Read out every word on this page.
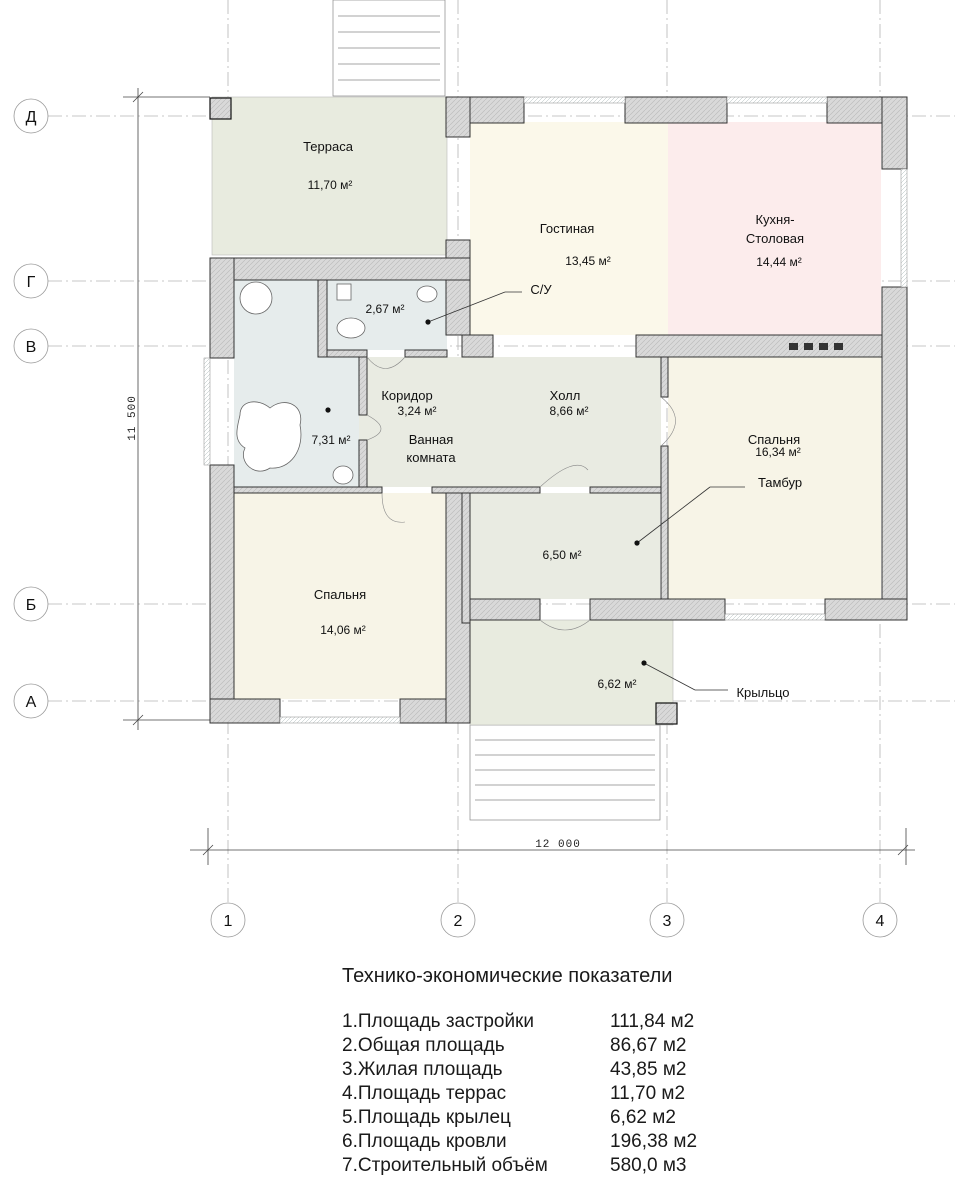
11 500
12 000
Д
Г
В
Б
А
1	2	3	4
Терраса
11,70 м²
Гостиная
13,45 м²
Кухня-
Столовая
14,44 м²
2,67 м²
С/У
7,31 м²	Ванная
комната
Коридор
3,24 м²
Холл
8,66 м²
Спальня
16,34 м²
Тамбур
6,50 м²
Спальня
14,06 м²
6,62 м²
Крыльцо
Технико-экономические показатели
1.Площадь застройки	111,84 м2
2.Общая площадь	86,67 м2
3.Жилая площадь	43,85 м2
4.Площадь террас	11,70 м2
5.Площадь крылец	6,62 м2
6.Площадь кровли	196,38 м2
7.Строительный объём	580,0 м3
